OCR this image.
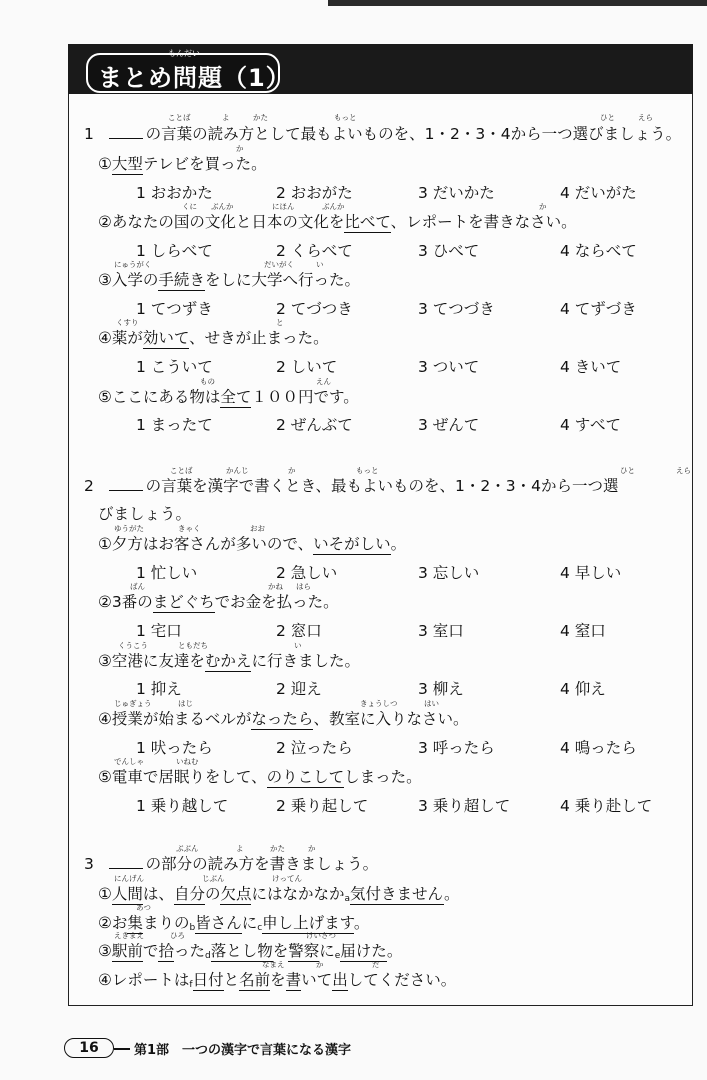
もんだい
まとめ問題（1）
ことば	よ	かた	もっと	ひと	えら
1	の言葉の読み方として最もよいものを、1・2・3・4から一つ選びましょう。
か
①大型テレビを買った。
1 おおかた	2 おおがた	3 だいかた	4 だいがた
くに ぶんか	にほん	ぶんか	か
②あなたの国の文化と日本の文化を比べて、レポートを書きなさい。
1 しらべて	2 くらべて	3 ひべて	4 ならべて
にゅうがく	だいがく	い
③入学の手続きをしに大学へ行った。
1 てつずき	2 てづつき	3 てつづき	4 てずづき
くすり	と
④薬が効いて、せきが止まった。
1 こういて	2 しいて	3 ついて	4 きいて
もの	えん
⑤ここにある物は全て１００円です。
1 まったて	2 ぜんぶて	3 ぜんて	4 すべて
ことば	かんじ	か	もっと	ひと	えら
2	の言葉を漢字で書くとき、最もよいものを、1・2・3・4から一つ選
びましょう。
ゆうがた	きゃく	おお
①夕方はお客さんが多いので、いそがしい。
1 忙しい	2 急しい	3 忘しい	4 早しい
ばん	かね はら
②3番のまどぐちでお金を払った。
1 宅口	2 窓口	3 室口	4 窒口
くうこう	ともだち	い
③空港に友達をむかえに行きました。
1 抑え	2 迎え	3 柳え	4 仰え
じゅぎょう	はじ	きょうしつ	はい
④授業が始まるベルがなったら、教室に入りなさい。
1 吠ったら	2 泣ったら	3 呼ったら	4 鳴ったら
でんしゃ	いねむ
⑤電車で居眠りをして、のりこしてしまった。
1 乗り越して	2 乗り起して	3 乗り超して	4 乗り赴して
ぶぶん	よ	かた	か
3	の部分の読み方を書きましょう。
にんげん	じぶん	けってん
①人間は、自分の欠点にはなかなか$_a$気付きません。
あつ
②お集まりの$_b$皆さんに$_c$申し上げます。
えきまえ	ひろ	けいさつ
③駅前で拾った$_d$落とし物を警察に$_e$届けた。
なまえ	か	だ
④レポートは$_f$日付と名前を書いて出してください。
16	第1部　一つの漢字で言葉になる漢字
